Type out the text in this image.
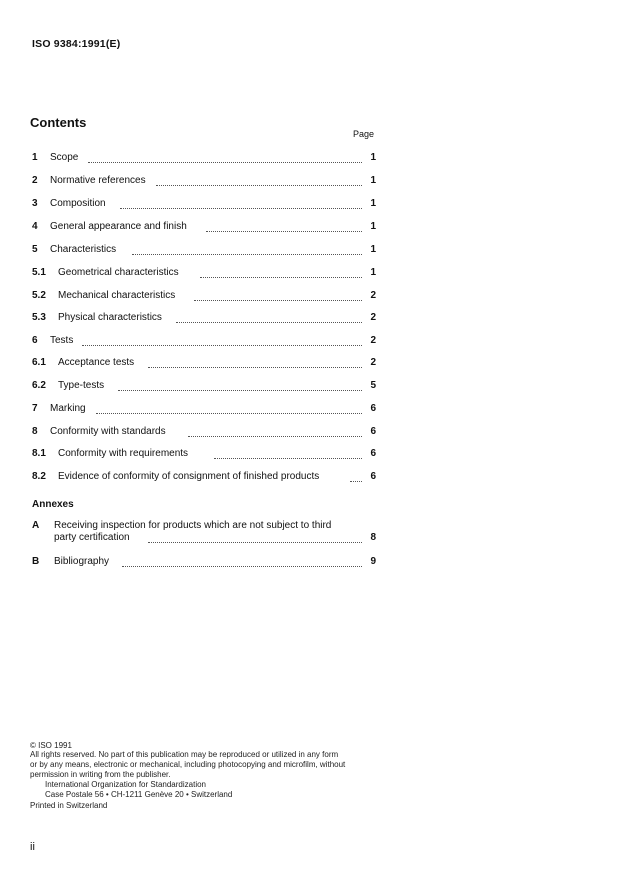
ISO 9384:1991(E)
Contents
Page
1 Scope	1
2 Normative references	1
3 Composition	1
4 General appearance and finish	1
5 Characteristics	1
5.1 Geometrical characteristics	1
5.2 Mechanical characteristics	2
5.3 Physical characteristics	2
6 Tests	2
6.1 Acceptance tests	2
6.2 Type-tests	5
7 Marking	6
8 Conformity with standards	6
8.1 Conformity with requirements	6
8.2 Evidence of conformity of consignment of finished products	6
Annexes
A Receiving inspection for products which are not subject to third
party certification	8
B Bibliography	9
© ISO 1991
All rights reserved. No part of this publication may be reproduced or utilized in any form
or by any means, electronic or mechanical, including photocopying and microfilm, without
permission in writing from the publisher.
International Organization for Standardization
Case Postale 56 • CH-1211 Genève 20 • Switzerland
Printed in Switzerland
ii
